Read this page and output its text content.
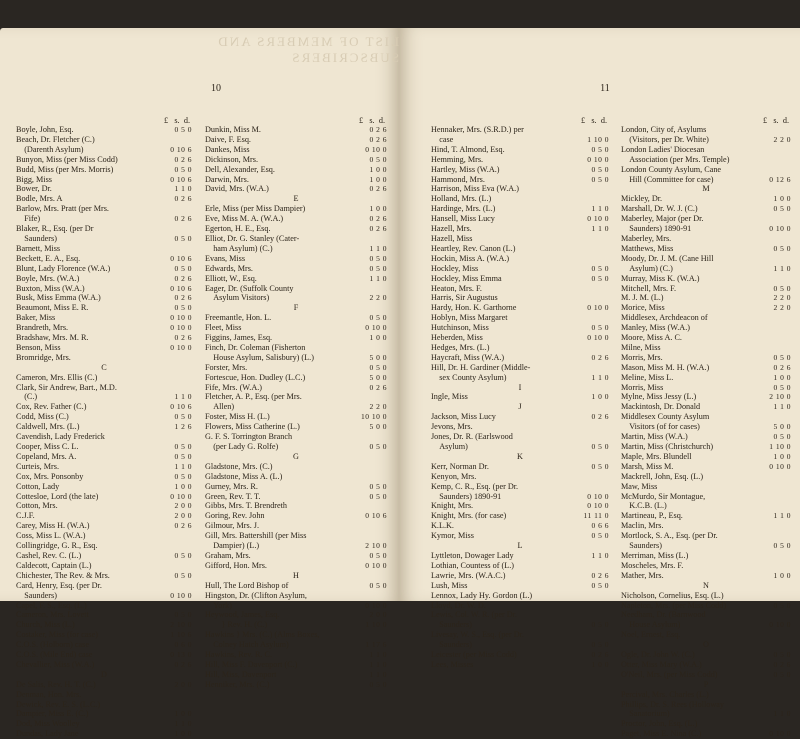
LIST OF MEMBERS AND SUBSCRIBERS
10
£ s. d.
Boyle, John, Esq.	0 5 0
Beach, Dr. Fletcher (C.)
(Darenth Asylum)	0 10 6
Bunyon, Miss (per Miss Codd)	0 2 6
Budd, Miss (per Mrs. Morris)	0 5 0
Bigg, Miss	0 10 6
Bower, Dr.	1 1 0
Bodle, Mrs. A	0 2 6
Barlow, Mrs. Pratt (per Mrs.
Fife)	0 2 6
Blaker, R., Esq. (per Dr
Saunders)	0 5 0
Barnett, Miss
Beckett, E. A., Esq.	0 10 6
Blunt, Lady Florence (W.A.)	0 5 0
Boyle, Mrs. (W.A.)	0 2 6
Buxton, Miss (W.A.)	0 10 6
Busk, Miss Emma (W.A.)	0 2 6
Beaumont, Miss E. R.	0 5 0
Baker, Miss	0 10 0
Brandreth, Mrs.	0 10 0
Bradshaw, Mrs. M. R.	0 2 6
Benson, Miss	0 10 0
Bromridge, Mrs.
C
Cameron, Mrs. Ellis (C.)
Clark, Sir Andrew, Bart., M.D.
(C.)	1 1 0
Cox, Rev. Father (C.)	0 10 6
Codd, Miss (C.)	0 5 0
Caldwell, Mrs. (L.)	1 2 6
Cavendish, Lady Frederick
Cooper, Miss C. L.	0 5 0
Copeland, Mrs. A.	0 5 0
Curteis, Mrs.	1 1 0
Cox, Mrs. Ponsonby	0 5 0
Cotton, Lady	1 0 0
Cottesloe, Lord (the late)	0 10 0
Cotton, Mrs.	2 0 0
C.J.F.	2 0 0
Carey, Miss H. (W.A.)	0 2 6
Coss, Miss L. (W.A.)
Collingridge, G. R., Esq.
Cashel, Rev. C. (L.)	0 5 0
Caldecott, Captain (L.)
Chichester, The Rev. & Mrs.	0 5 0
Card, Henry, Esq. (per Dr.
Saunders)	0 10 0
Capel, F. S., Esq. (L.)
Cameron, Mrs. Lovett	0 5 0
Church, Miss (L.)	2 10 0
Costaker, Miss (for case)	1 10 6
C.O.S. (Holborn) case	0 6 0
C.O.S. (Mile End) case	0 13 0
Chevallier, Miss (W.A.)	0 2 6
D
De Salis, Rev. H. T. (C.)	2 0 0
Denman, Hon. Mrs.
Dewick, Rev. E. S. (L.C.)
Dampier, Miss E. (C.)	1 0 0
Dod, Miss Woolley	1 1 0
Dundas, Lady Jane	1 0 0
£ s. d.
Dunkin, Miss M.	0 2 6
Daive, F. Esq.	0 2 6
Dankes, Miss	0 10 0
Dickinson, Mrs.	0 5 0
Dell, Alexander, Esq.	1 0 0
Darwin, Mrs.	1 0 0
David, Mrs. (W.A.)	0 2 6
E
Erle, Miss (per Miss Dampier)	1 0 0
Eve, Miss M. A. (W.A.)	0 2 6
Egerton, H. E., Esq.	0 2 6
Elliot, Dr. G. Stanley (Cater-
ham Asylum) (C.)	1 1 0
Evans, Miss	0 5 0
Edwards, Mrs.	0 5 0
Elliott, W., Esq.	1 1 0
Eager, Dr. (Suffolk County
Asylum Visitors)	2 2 0
F
Freemantle, Hon. L.	0 5 0
Fleet, Miss	0 10 0
Figgins, James, Esq.	1 0 0
Finch, Dr. Coleman (Fisherton
House Asylum, Salisbury) (L.)	5 0 0
Forster, Mrs.	0 5 0
Fortescue, Hon. Dudley (L.C.)	5 0 0
Fife, Mrs. (W.A.)	0 2 6
Fletcher, A. P., Esq. (per Mrs.
Allen)	2 2 0
Foster, Miss H. (L.)	10 10 0
Flowers, Miss Catherine (L.)	5 0 0
G. F. S. Torrington Branch
(per Lady G. Rolfe)	0 5 0
G
Gladstone, Mrs. (C.)
Gladstone, Miss A. (L.)
Gurney, Mrs. R.	0 5 0
Green, Rev. T. T.	0 5 0
Gibbs, Mrs. T. Brendreth
Goring, Rev. John	0 10 6
Gilmour, Mrs. J.
Gill, Mrs. Battershill (per Miss
Dampier) (L.)	2 10 0
Graham, Mrs.	0 5 0
Gifford, Hon. Mrs.	0 10 0
H
Hull, The Lord Bishop of	0 5 0
Hingston, Dr. (Clifton Asylum,
York)	0 10 0
Heywood, James, Esq.	2 0 0
} Rev. H. (C.)	1 10 0
Hawkins } Mrs. (C.) (Alms Boxes,
Colney Hatch Asylum)	1 17 6
Hawkins, Rev. R. C.	1 1 0
Hill, Miss F. Davenport (C.)	1 1 0
Hill, Miss, Davenport	1 1 0
Henniker, Mrs. (C.)	0 5 0
11
£ s. d.
Hennaker, Mrs. (S.R.D.) per
case	1 10 0
Hind, T. Almond, Esq.	0 5 0
Hemming, Mrs.	0 10 0
Hartley, Miss (W.A.)	0 5 0
Hammond, Mrs.	0 5 0
Harrison, Miss Eva (W.A.)
Holland, Mrs. (L.)
Hardinge, Mrs. (L.)	1 1 0
Hansell, Miss Lucy	0 10 0
Hazell, Mrs.	1 1 0
Hazell, Miss
Heartley, Rev. Canon (L.)
Hockin, Miss A. (W.A.)
Hockley, Miss	0 5 0
Hockley, Miss Emma	0 5 0
Heaton, Mrs. F.
Harris, Sir Augustus
Hardy, Hon. K. Garthorne	0 10 0
Hoblyn, Miss Margaret
Hutchinson, Miss	0 5 0
Heberden, Miss	0 10 0
Hedges, Mrs. (L.)
Haycraft, Miss (W.A.)	0 2 6
Hill, Dr. H. Gardiner (Middle-
sex County Asylum)	1 1 0
I
Ingle, Miss	1 0 0
J
Jackson, Miss Lucy	0 2 6
Jevons, Mrs.
Jones, Dr. R. (Earlswood
Asylum)	0 5 0
K
Kerr, Norman Dr.	0 5 0
Kenyon, Mrs.
Kemp, C. R., Esq. (per Dr.
Saunders) 1890-91	0 10 0
Knight, Mrs.	0 10 0
Knight, Mrs. (for case)	11 11 0
K.L.K.	0 6 6
Kymor, Miss	0 5 0
L
Lyttleton, Dowager Lady	1 1 0
Lothian, Countess of (L.)
Lawrie, Mrs. (W.A.C.)	0 2 6
Lush, Miss	0 5 0
Lennox, Lady Hy. Gordon (L.)
Lloyd, Dr. W. D.
Lewis, Col. W. R. (per Dr.
Saunders)	0 5 0
Livesay, W. S., Esq. (per Dr.
Saunders)	0 5 0
Leicester (per Miss Codd)	0 2 6
Lees, Misses	1 0 0
£ s. d.
London, City of, Asylums
(Visitors, per Dr. White)	2 2 0
London Ladies' Diocesan
Association (per Mrs. Temple)
London County Asylum, Cane
Hill (Committee for case)	0 12 6
M
Mickley, Dr.	1 0 0
Marshall, Dr. W. J. (C.)	0 5 0
Maberley, Major (per Dr.
Saunders) 1890-91	0 10 0
Maberley, Mrs.
Matthews, Miss	0 5 0
Moody, Dr. J. M. (Cane Hill
Asylum) (C.)	1 1 0
Murray, Miss K. (W.A.)
Mitchell, Mrs. F.	0 5 0
M. J. M. (L.)	2 2 0
Morice, Miss	2 2 0
Middlesex, Archdeacon of
Manley, Miss (W.A.)
Moore, Miss A. C.
Milne, Miss
Morris, Mrs.	0 5 0
Mason, Miss M. H. (W.A.)	0 2 6
Meline, Miss L.	1 0 0
Morris, Miss	0 5 0
Mylne, Miss Jessy (L.)	2 10 0
Mackintosh, Dr. Donald	1 1 0
Middlesex County Asylum
Visitors (of for cases)	5 0 0
Martin, Miss (W.A.)	0 5 0
Martin, Miss (Christchurch)	1 10 0
Maple, Mrs. Blundell	1 0 0
Marsh, Miss M.	0 10 0
Mackrell, John, Esq. (L.)
Maw, Miss
McMurdo, Sir Montague,
K.C.B. (L.)
Martineau, P., Esq.	1 1 0
Maclin, Mrs.
Mortlock, S. A., Esq. (per Dr.
Saunders)	0 5 0
Merriman, Miss (L.)
Moscheles, Mrs. F.
Mather, Mrs.	1 0 0
N
Nicholson, Cornelius, Esq. (L.)
Napleton, Mrs. (per Miss Codd)	0 5 0
Needham, Dr. (Barnwood
House Asylum)	0 10 0
Noel, Ernest, Esq.
O
Ogle, Dr. John W. (C.)	0 5 0
Otter, Miss Mary (W.A.)	0 2 6
O'Neil, Mrs. (per Miss Codd)	0 5 0
P
Percival, Mrs. Charles (L.)
Phillips, Dr. S. Rees (Holloway
Sanatorium)	1 1 0
Proctor, John, Esq. (L.)
Paget, Miss E. Nina (C.)	0 10 0
